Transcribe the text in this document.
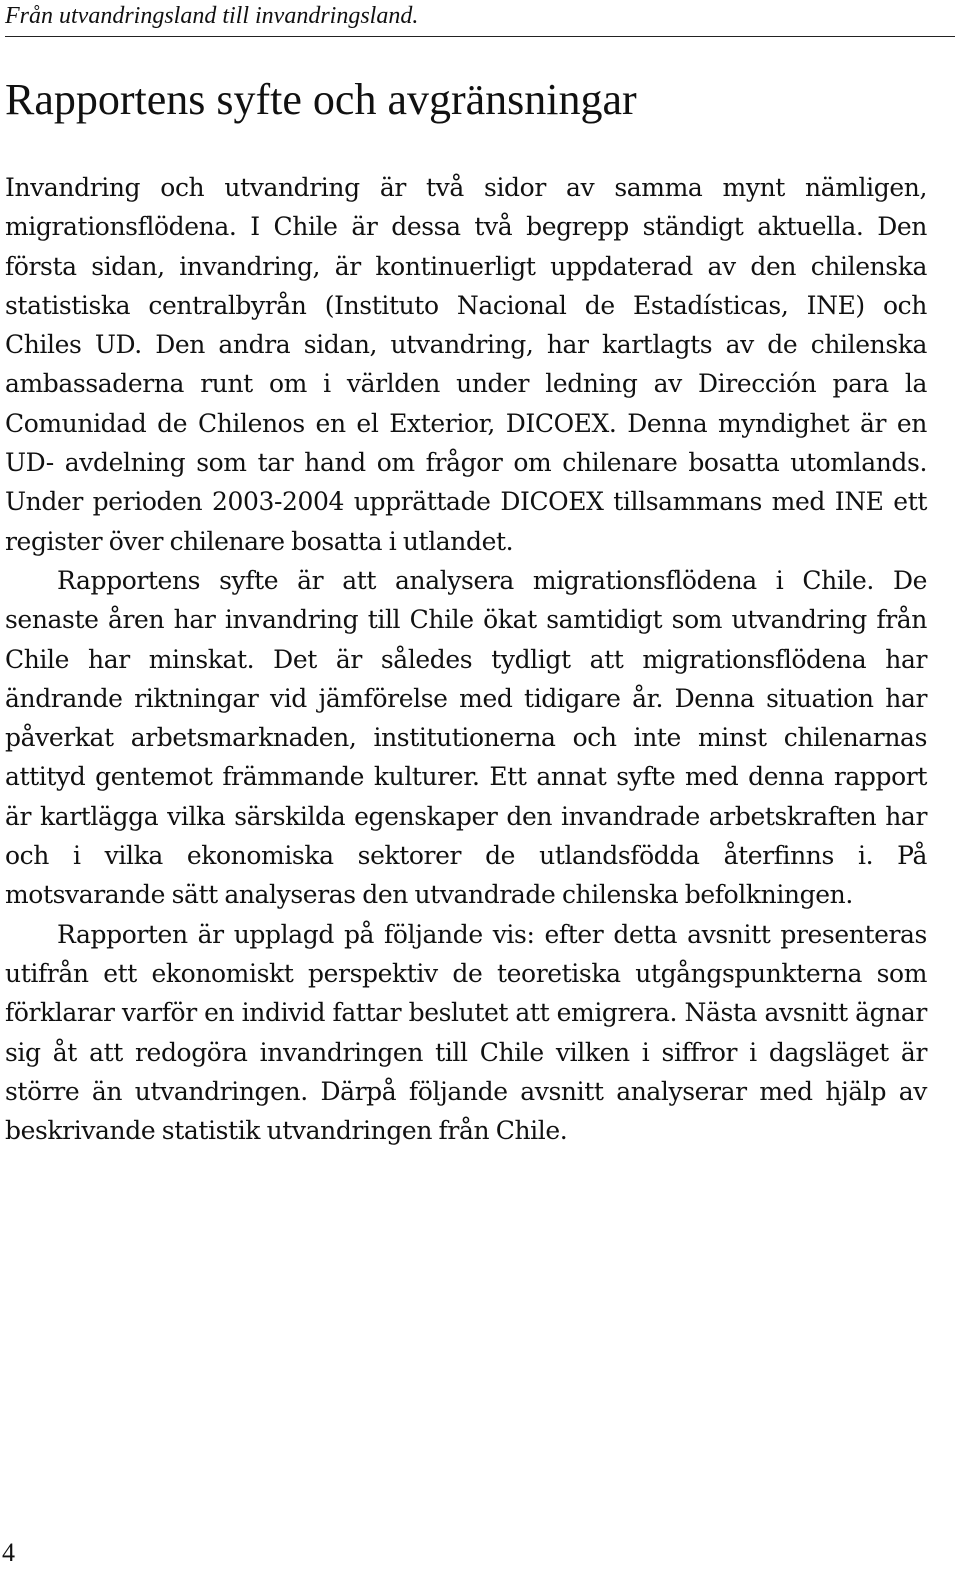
Från utvandringsland till invandringsland.
Rapportens syfte och avgränsningar

Invandring och utvandring är två sidor av samma mynt nämligen, migrationsflödena. I Chile är dessa två begrepp ständigt aktuella. Den första sidan, invandring, är kontinuerligt uppdaterad av den chilenska statistiska centralbyrån (Instituto Nacional de Estadísticas, INE) och Chiles UD. Den andra sidan, utvandring, har kartlagts av de chilenska ambassaderna runt om i världen under ledning av Dirección para la Comunidad de Chilenos en el Exterior, DICOEX. Denna myndighet är en UD- avdelning som tar hand om frågor om chilenare bosatta utomlands. Under perioden 2003-2004 upprättade DICOEX tillsammans med INE ett register över chilenare bosatta i utlandet.

Rapportens syfte är att analysera migrationsflödena i Chile. De senaste åren har invandring till Chile ökat samtidigt som utvandring från Chile har minskat. Det är således tydligt att migrationsflödena har ändrande riktningar vid jämförelse med tidigare år. Denna situation har påverkat arbetsmarknaden, institutionerna och inte minst chilenarnas attityd gentemot främmande kulturer. Ett annat syfte med denna rapport är kartlägga vilka särskilda egenskaper den invandrade arbetskraften har och i vilka ekonomiska sektorer de utlandsfödda återfinns i. På motsvarande sätt analyseras den utvandrade chilenska befolkningen.

Rapporten är upplagd på följande vis: efter detta avsnitt presenteras utifrån ett ekonomiskt perspektiv de teoretiska utgångspunkterna som förklarar varför en individ fattar beslutet att emigrera. Nästa avsnitt ägnar sig åt att redogöra invandringen till Chile vilken i siffror i dagsläget är större än utvandringen. Därpå följande avsnitt analyserar med hjälp av beskrivande statistik utvandringen från Chile.

4
